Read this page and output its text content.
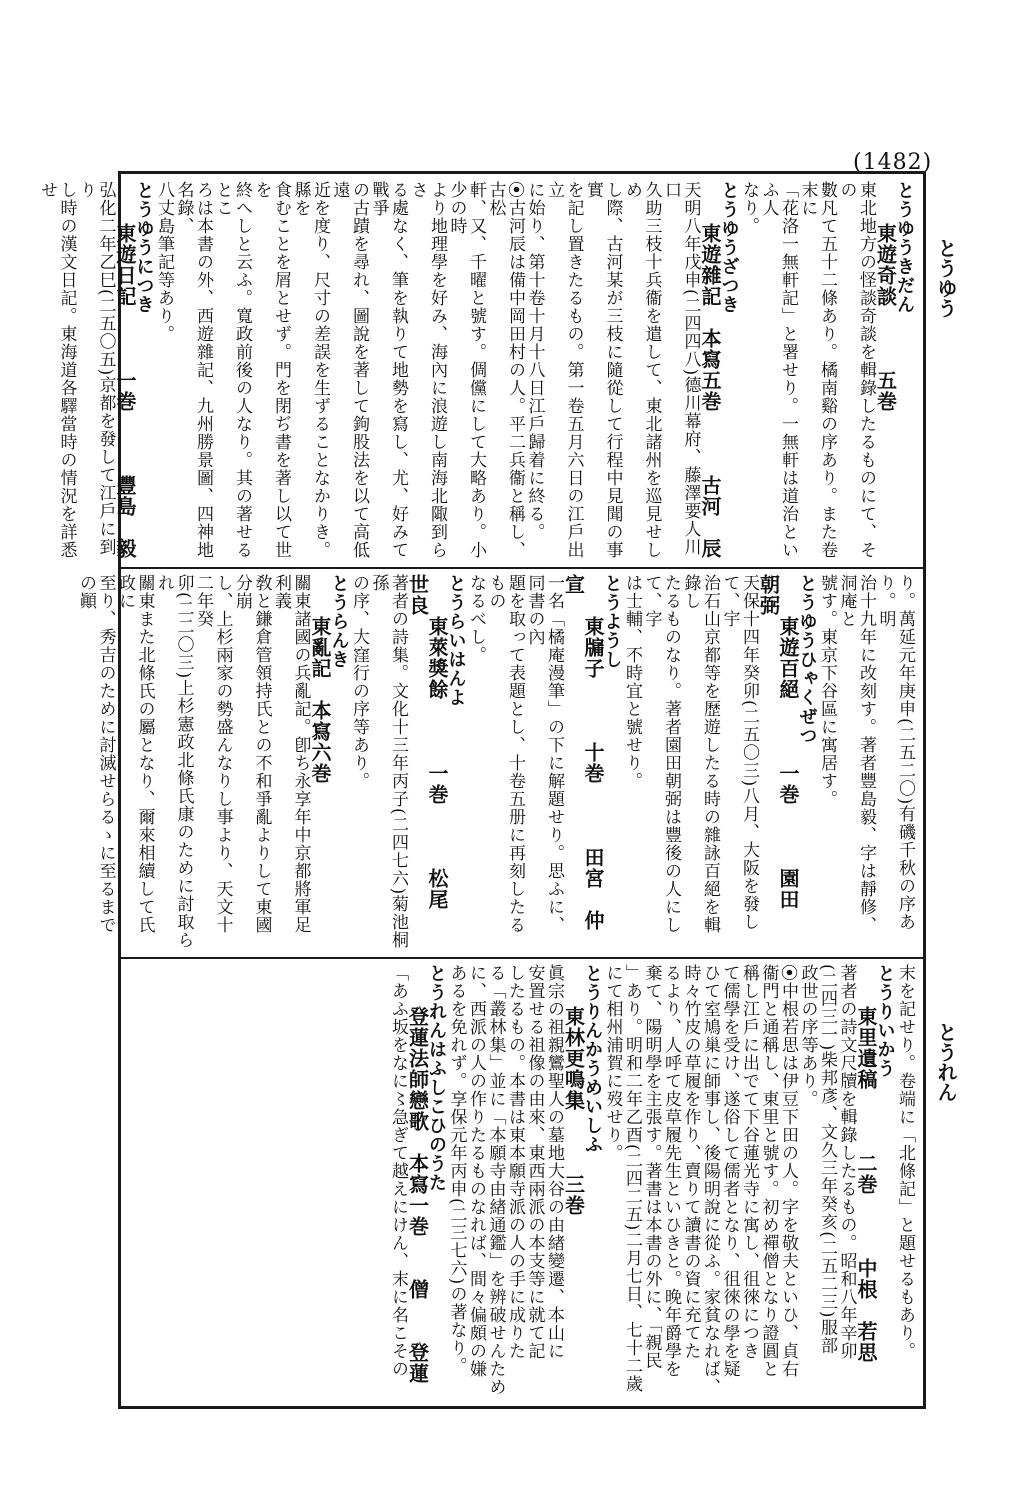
(1482)
とうゆう
とうれん
とうゆうきだん
　　東遊奇談　　　五巻
東北地方の怪談奇談を輯錄したるものにて、その
數凡て五十二條あり。橘南谿の序あり。また卷末に
「花洛一無軒記」と署せり。一無軒は道治といふ人
なり。
とうゆうざつき
　　東遊雜記　本寫五巻　　　古河　辰
天明八年戊申(二四四八)德川幕府、藤澤要人川口
久助三枝十兵衞を遣して、東北諸州を巡見せしめ
し際、古河某が三枝に隨從して行程中見聞の事實
を記し置きたるもの。第一卷五月六日の江戶出立
に始り、第十卷十月十八日江戶歸着に終る。
⦿古河辰は備中岡田村の人。平二兵衞と稱し、古松
軒、又、千曜と號す。倜儻にして大略あり。小少の時
より地理學を好み、海內に浪遊し南海北陬到らさ
る處なく、筆を執りて地勢を寫し、尤、好みて戰爭
の古蹟を尋れ、圖說を著して鉤股法を以て高低遠
近を度り、尺寸の差誤を生ずることなかりき。縣を
食むことを屑とせず。門を閉ぢ書を著し以て世を
終へしと云ふ。寬政前後の人なり。其の著せるとこ
ろは本書の外、西遊雜記、九州勝景圖、四神地名錄、
八丈島筆記等あり。
とうゆうにつき
　　東遊日記　　　一巻　　　豐島　毅
弘化二年乙巳(二五〇五)京都を發して江戶に到り
し時の漢文日記。東海道各驛當時の情況を詳悉せ
り。萬延元年庚申(二五二〇)有磯千秋の序あり。明
治十九年に改刻す。著者豐島毅、字は靜修、洞庵と
號す。東京下谷區に寓居す。
とうゆうひゃくぜつ
　　東遊百絕　　　一巻　　　園田　朝弼
天保十四年癸卯(二五〇三)八月、大阪を發して、宇
治石山京都等を歷遊したる時の雜詠百絕を輯錄し
たるものなり。著者園田朝弼は豐後の人にして、字
は士輔、不時宜と號せり。
とうようし
　　東牖子　　　十巻　　　田宮　仲宣
一名「橘庵漫筆」の下に解題せり。思ふに、同書の內
題を取って表題とし、十卷五册に再刻したるもの
なるべし。
とうらいはんよ
　　東萊獎餘　　　一巻　　　松尾　世良
著者の詩集。文化十三年丙子(二四七六)菊池桐孫
の序、大窪行の序等あり。
とうらんき
　　東亂記　本寫六巻
關東諸國の兵亂記。卽ち永享年中京都將軍足利義
敎と鎌倉管領持氏との不和爭亂よりして東國分崩
し、上杉兩家の勢盛んなりし事より、天文十二年癸
卯(二二〇三)上杉憲政北條氏康のために討取られ
關東また北條氏の屬となり、爾來相續して氏政に
至り、秀吉のために討滅せらるゝに至るまでの顚
末を記せり。卷端に「北條記」と題せるもあり。
とうりいかう
　　東里遺稿　　　二巻　　　中根　若思
著者の詩文尺牘を輯錄したるもの。昭和八年辛卯
(二四三一)柴邦彥、文久三年癸亥(二五二三)服部
政世の序等あり。
⦿中根若思は伊豆下田の人。字を敬夫といひ、貞右
衞門と通稱し、東里と號す。初め禪僧となり證圓と
稱し江戶に出でて下谷蓮光寺に寓し、徂徠につき
て儒學を受け、遂俗して儒者となり、徂徠の學を疑
ひて室鳩巢に師事し、後陽明說に從ふ。家貧なれば、
時々竹皮の草履を作り、賣りて讀書の資に充てた
るより、人呼て皮草履先生といひきと。晚年爵學を
棄て、陽明學を主張す。著書は本書の外に、「親民
」あり。明和二年乙酉(二四二五)二月七日、七十二歲
にて相州浦賀に歿せり。
とうりんかうめいしふ
　　東林更鳴集　　　三巻
眞宗の祖親鸞聖人の墓地大谷の由緖變遷、本山に
安置せる祖像の由來、東西兩派の本支等に就て記
したるもの。本書は東本願寺派の人の手に成りた
る「叢林集」並に「本願寺由緖通鑑」を辨破せんため
に、西派の人の作りたるものなれば、間々偏頗の嫌
あるを免れず。享保元年丙申(二三七六)の著なり。
とうれんはふしこひのうた
　　登蓮法師戀歌　本寫一巻　　僧　　登蓮
「あふ坂をなに〻急ぎて越えにけん、末に名こその
